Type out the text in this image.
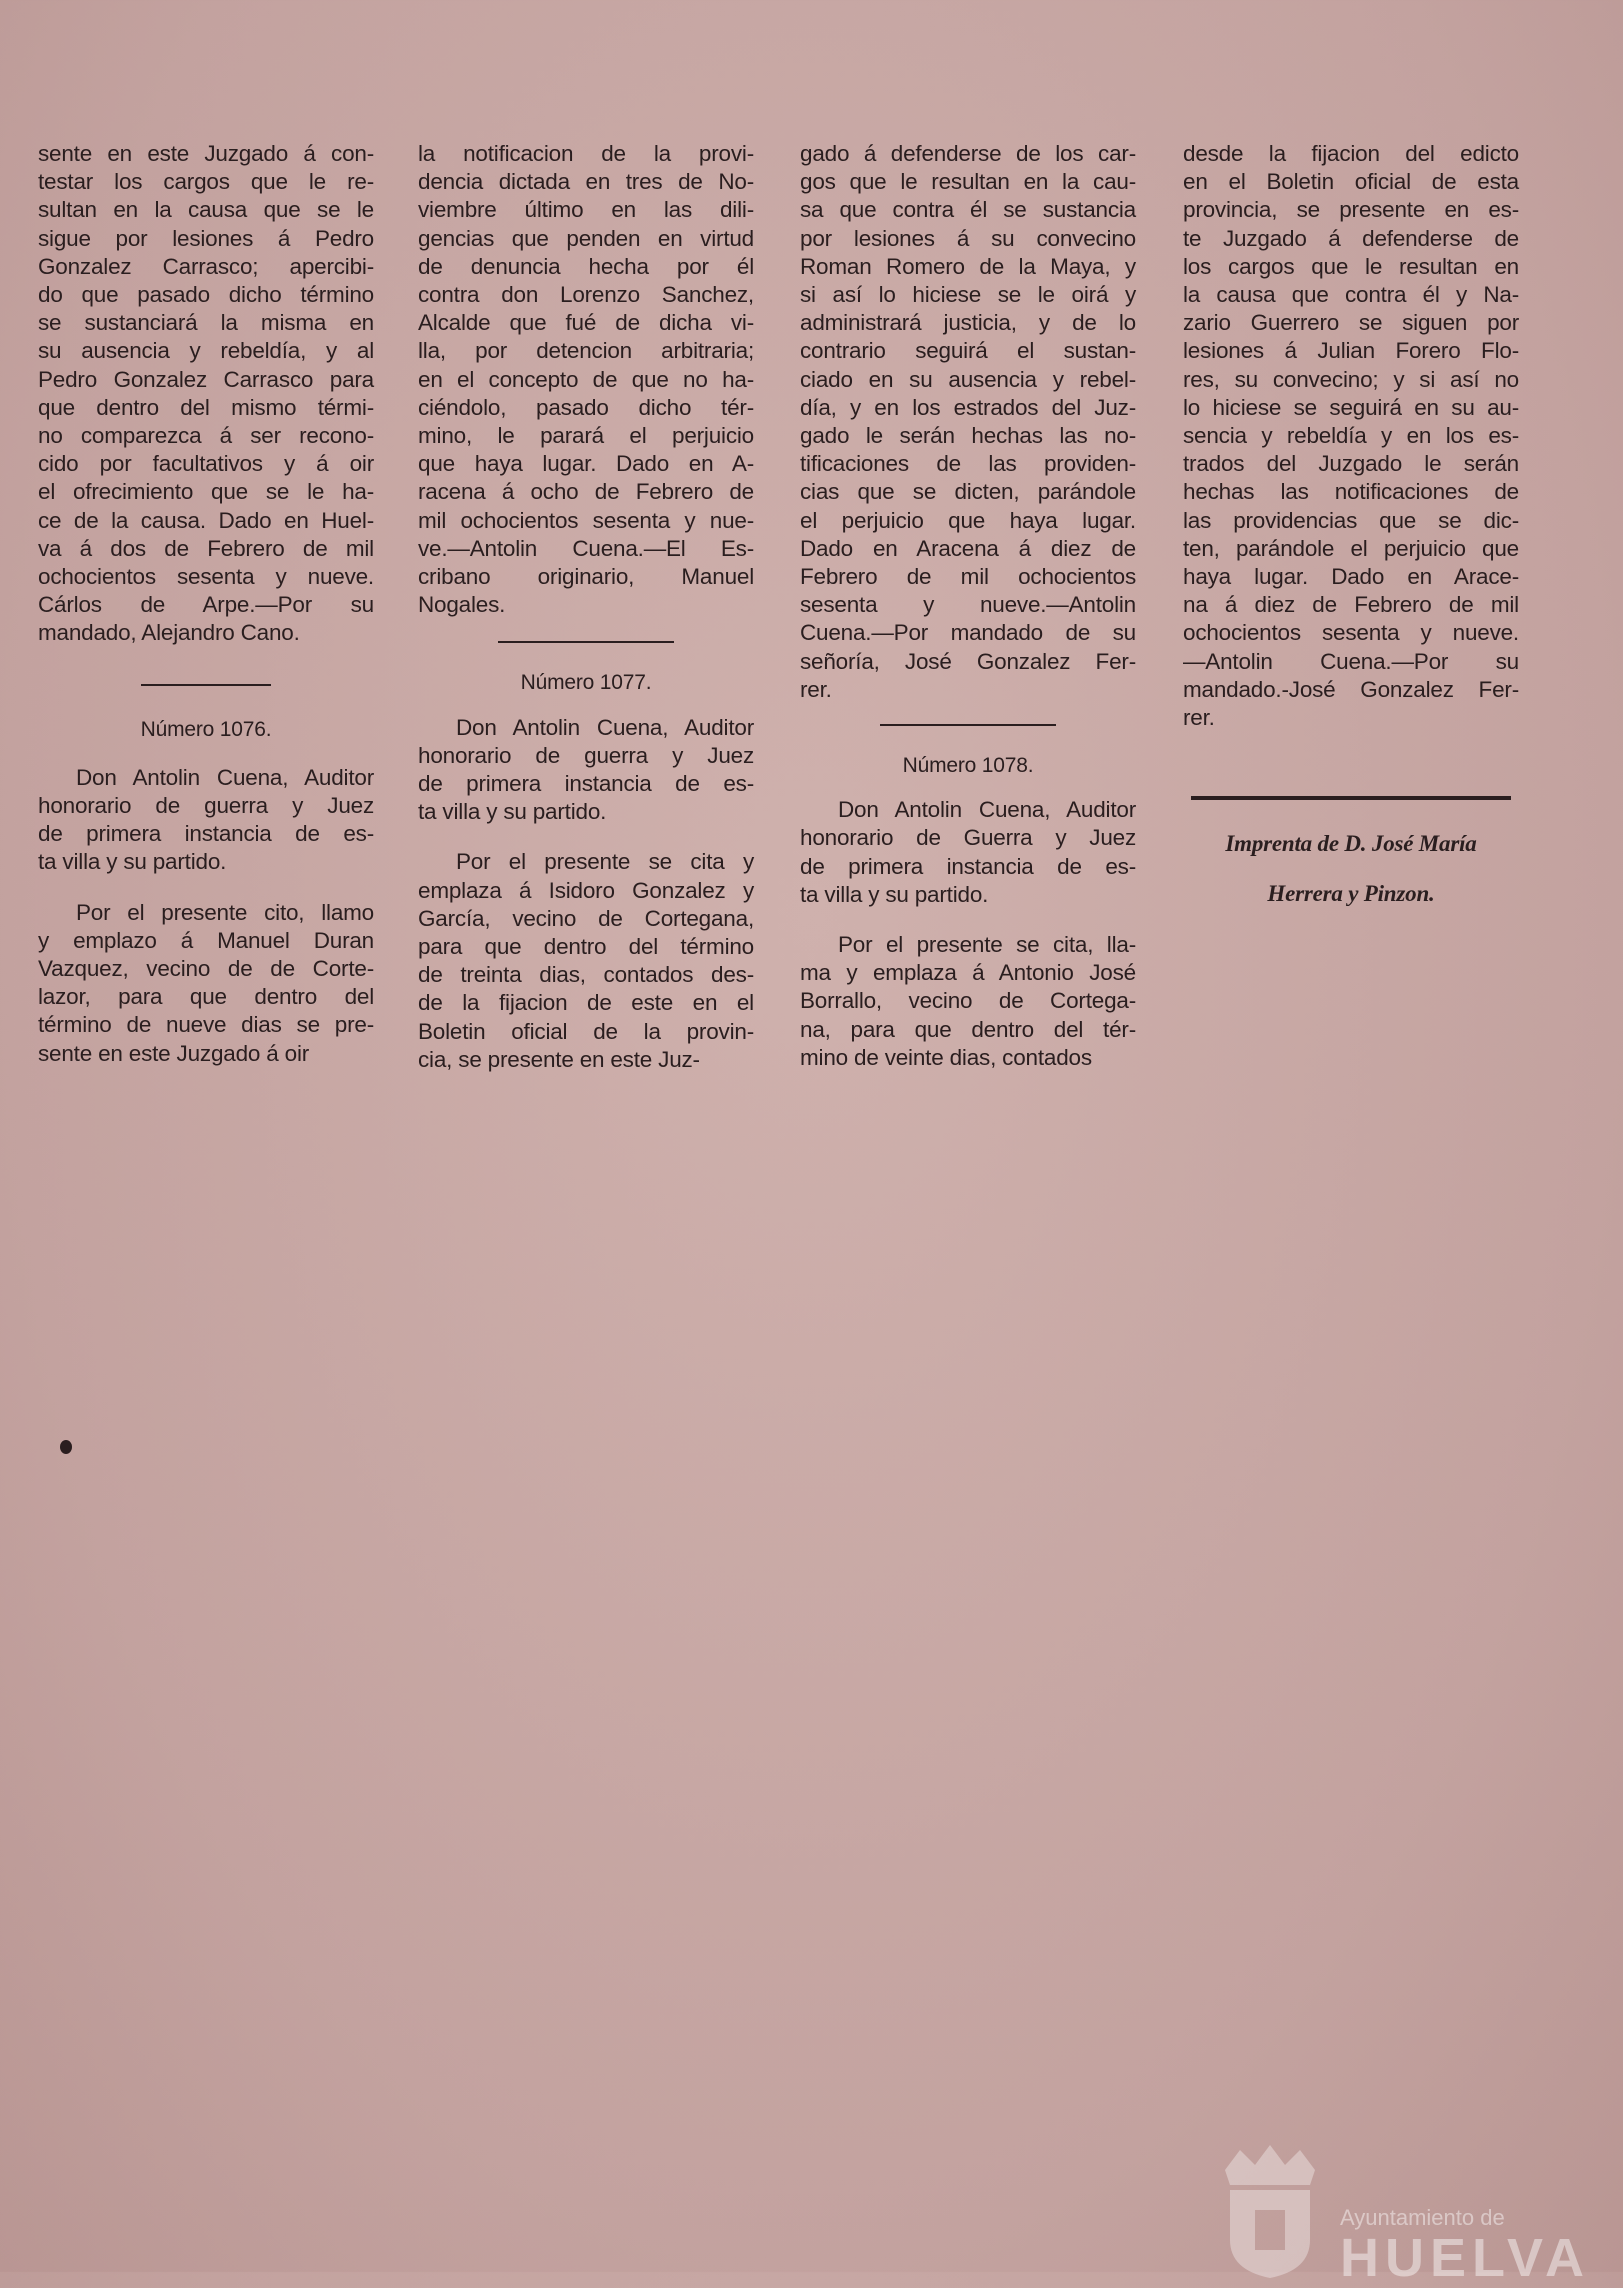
sente en este Juzgado á con-
testar los cargos que le re-
sultan en la causa que se le
sigue por lesiones á Pedro
Gonzalez Carrasco; apercibi-
do que pasado dicho término
se sustanciará la misma en
su ausencia y rebeldía, y al
Pedro Gonzalez Carrasco para
que dentro del mismo térmi-
no comparezca á ser recono-
cido por facultativos y á oir
el ofrecimiento que se le ha-
ce de la causa. Dado en Huel-
va á dos de Febrero de mil
ochocientos sesenta y nueve.
Cárlos de Arpe.—Por su
mandado, Alejandro Cano.

Número 1076.

Don Antolin Cuena, Auditor
honorario de guerra y Juez
de primera instancia de es-
ta villa y su partido.

Por el presente cito, llamo
y emplazo á Manuel Duran
Vazquez, vecino de de Corte-
lazor, para que dentro del
término de nueve dias se pre-
sente en este Juzgado á oir

la notificacion de la provi-
dencia dictada en tres de No-
viembre último en las dili-
gencias que penden en virtud
de denuncia hecha por él
contra don Lorenzo Sanchez,
Alcalde que fué de dicha vi-
lla, por detencion arbitraria;
en el concepto de que no ha-
ciéndolo, pasado dicho tér-
mino, le parará el perjuicio
que haya lugar. Dado en A-
racena á ocho de Febrero de
mil ochocientos sesenta y nue-
ve.—Antolin Cuena.—El Es-
cribano originario, Manuel
Nogales.

Número 1077.

Don Antolin Cuena, Auditor
honorario de guerra y Juez
de primera instancia de es-
ta villa y su partido.

Por el presente se cita y
emplaza á Isidoro Gonzalez y
García, vecino de Cortegana,
para que dentro del término
de treinta dias, contados des-
de la fijacion de este en el
Boletin oficial de la provin-
cia, se presente en este Juz-

gado á defenderse de los car-
gos que le resultan en la cau-
sa que contra él se sustancia
por lesiones á su convecino
Roman Romero de la Maya, y
si así lo hiciese se le oirá y
administrará justicia, y de lo
contrario seguirá el sustan-
ciado en su ausencia y rebel-
día, y en los estrados del Juz-
gado le serán hechas las no-
tificaciones de las providen-
cias que se dicten, parándole
el perjuicio que haya lugar.
Dado en Aracena á diez de
Febrero de mil ochocientos
sesenta y nueve.—Antolin
Cuena.—Por mandado de su
señoría, José Gonzalez Fer-
rer.

Número 1078.

Don Antolin Cuena, Auditor
honorario de Guerra y Juez
de primera instancia de es-
ta villa y su partido.

Por el presente se cita, lla-
ma y emplaza á Antonio José
Borrallo, vecino de Cortega-
na, para que dentro del tér-
mino de veinte dias, contados

desde la fijacion del edicto
en el Boletin oficial de esta
provincia, se presente en es-
te Juzgado á defenderse de
los cargos que le resultan en
la causa que contra él y Na-
zario Guerrero se siguen por
lesiones á Julian Forero Flo-
res, su convecino; y si así no
lo hiciese se seguirá en su au-
sencia y rebeldía y en los es-
trados del Juzgado le serán
hechas las notificaciones de
las providencias que se dic-
ten, parándole el perjuicio que
haya lugar. Dado en Arace-
na á diez de Febrero de mil
ochocientos sesenta y nueve.
—Antolin Cuena.—Por su
mandado.-José Gonzalez Fer-
rer.

Imprenta de D. José María

Herrera y Pinzon.

Ayuntamiento de
HUELVA
